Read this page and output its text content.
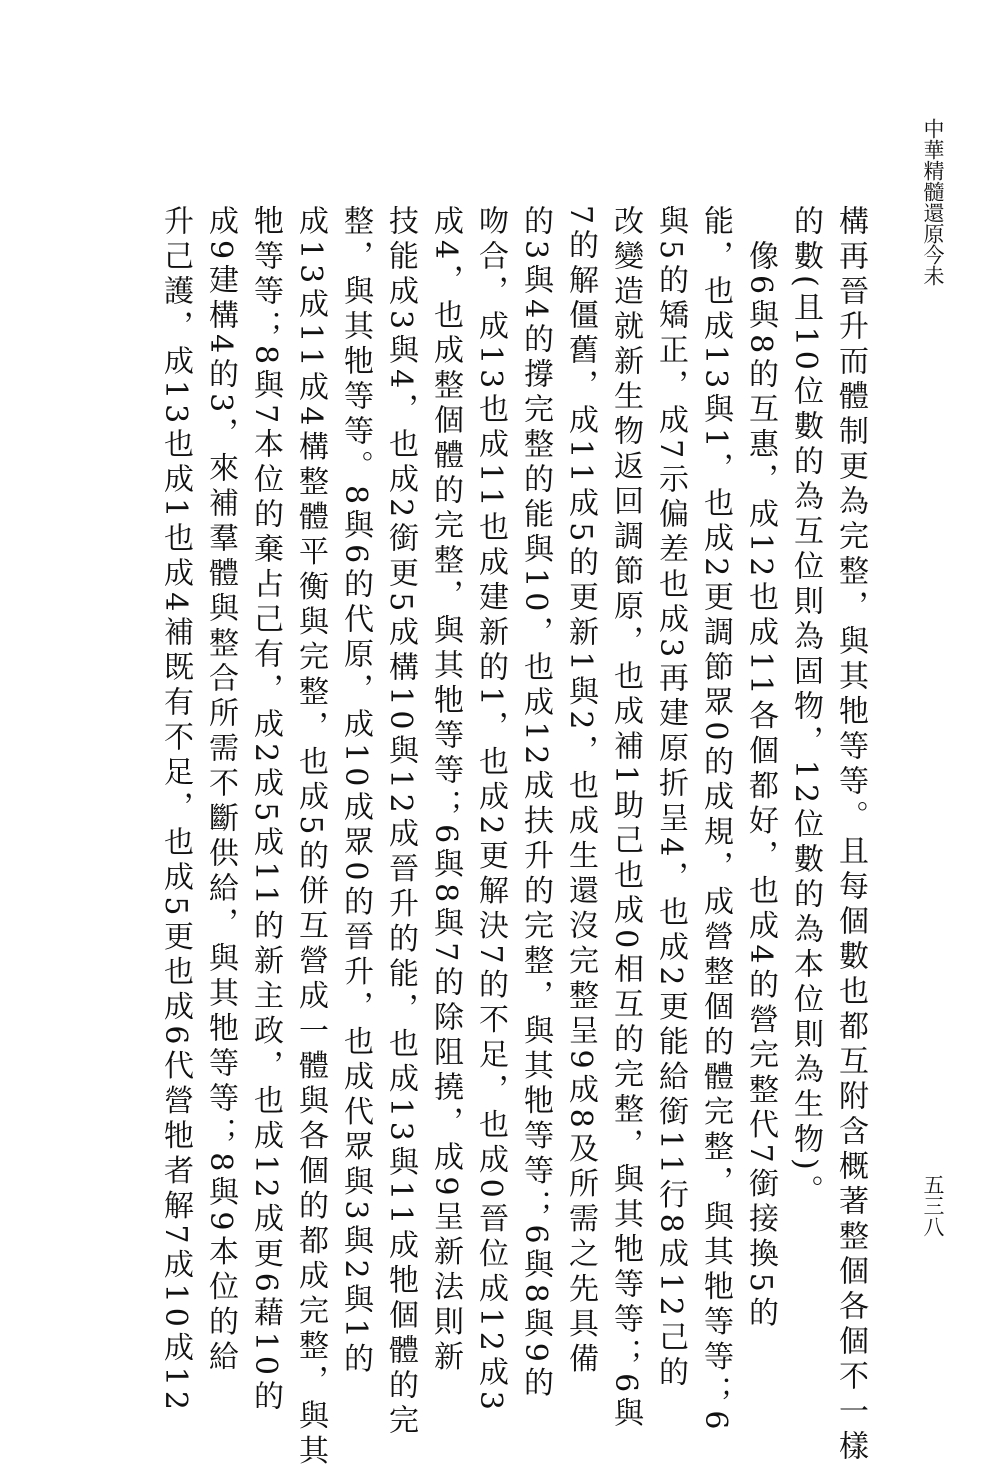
中華精髓還原今未
五三八
構再晉升而體制更為完整，與其牠等等。且每個數也都互附含概著整個各個不一樣
的數(且10位數的為互位則為固物，12位數的為本位則為生物)。
　像6與8的互惠，成12也成11各個都好，也成4的營完整代7銜接換5的
能，也成13與1，也成2更調節眾0的成規，成營整個的體完整，與其牠等等；6
與5的矯正，成7示偏差也成3再建原折呈4，也成2更能給銜11行8成12己的
改變造就新生物返回調節原，也成補1助己也成0相互的完整，與其牠等等；6與
7的解僵舊，成11成5的更新1與2，也成生還沒完整呈9成8及所需之先具備
的3與4的撐完整的能與10，也成12成扶升的完整，與其牠等等；6與8與9的
吻合，成13也成11也成建新的1，也成2更解決7的不足，也成0晉位成12成3
成4，也成整個體的完整，與其牠等等；6與8與7的除阻撓，成9呈新法則新
技能成3與4，也成2銜更5成構10與12成晉升的能，也成13與11成牠個體的完
整，與其牠等等。8與6的代原，成10成眾0的晉升，也成代眾與3與2與1的
成13成11成4構整體平衡與完整，也成5的併互營成一體與各個的都成完整，與其
牠等等；8與7本位的棄占己有，成2成5成11的新主政，也成12成更6藉10的
成9建構4的3，來補羣體與整合所需不斷供給，與其牠等等；8與9本位的給
升己護，成13也成1也成4補既有不足，也成5更也成6代營牠者解7成10成12
